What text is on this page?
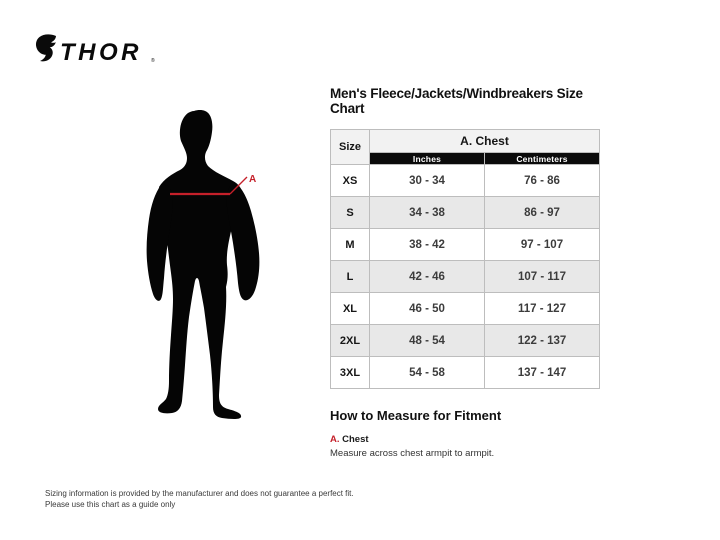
THOR ®
A
Men's Fleece/Jackets/Windbreakers Size Chart
Size	A. Chest	
	Inches	Centimeters
XS	30 - 34	76 - 86
S	34 - 38	86 - 97
M	38 - 42	97 - 107
L	42 - 46	107 - 117
XL	46 - 50	117 - 127
2XL	48 - 54	122 - 137
3XL	54 - 58	137 - 147
How to Measure for Fitment
A. Chest
Measure across chest armpit to armpit.
Sizing information is provided by the manufacturer and does not guarantee a perfect fit.
Please use this chart as a guide only
